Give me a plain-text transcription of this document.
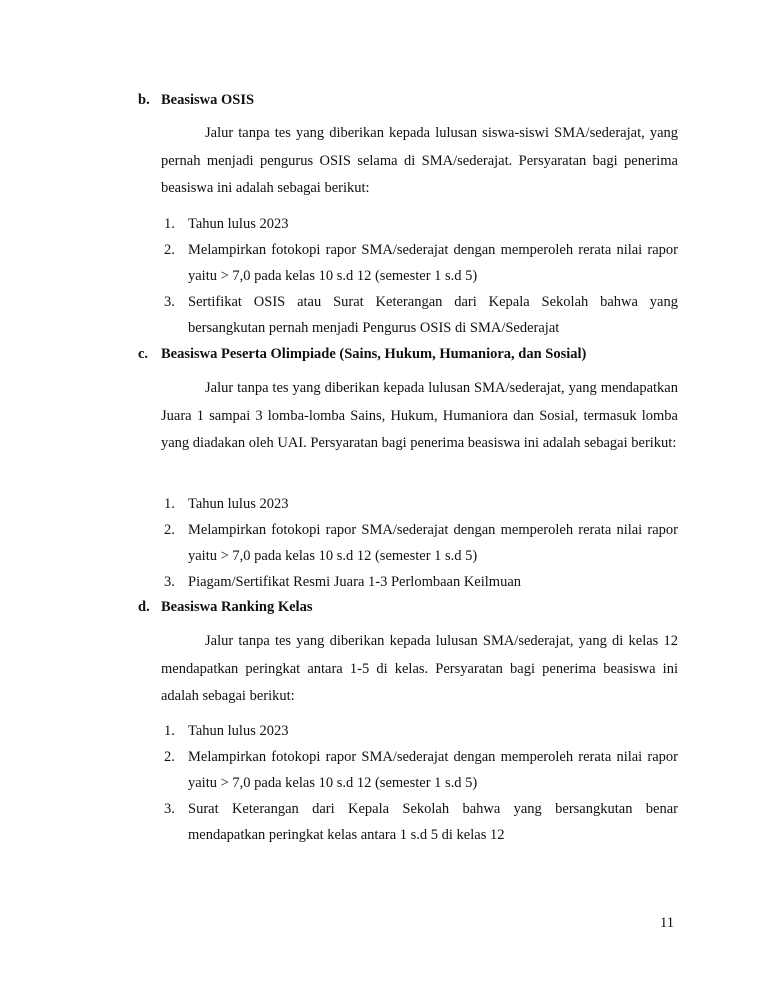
b. Beasiswa OSIS

Jalur tanpa tes yang diberikan kepada lulusan siswa-siswi SMA/sederajat, yang pernah menjadi pengurus OSIS selama di SMA/sederajat. Persyaratan bagi penerima beasiswa ini adalah sebagai berikut:

1. Tahun lulus 2023
2. Melampirkan fotokopi rapor SMA/sederajat dengan memperoleh rerata nilai rapor yaitu > 7,0 pada kelas 10 s.d 12 (semester 1 s.d 5)
3. Sertifikat OSIS atau Surat Keterangan dari Kepala Sekolah bahwa yang bersangkutan pernah menjadi Pengurus OSIS di SMA/Sederajat
c. Beasiswa Peserta Olimpiade (Sains, Hukum, Humaniora, dan Sosial)

Jalur tanpa tes yang diberikan kepada lulusan SMA/sederajat, yang mendapatkan Juara 1 sampai 3 lomba-lomba Sains, Hukum, Humaniora dan Sosial, termasuk lomba yang diadakan oleh UAI. Persyaratan bagi penerima beasiswa ini adalah sebagai berikut:

1. Tahun lulus 2023
2. Melampirkan fotokopi rapor SMA/sederajat dengan memperoleh rerata nilai rapor yaitu > 7,0 pada kelas 10 s.d 12 (semester 1 s.d 5)
3. Piagam/Sertifikat Resmi Juara 1-3 Perlombaan Keilmuan
d. Beasiswa Ranking Kelas

Jalur tanpa tes yang diberikan kepada lulusan SMA/sederajat, yang di kelas 12 mendapatkan peringkat antara 1-5 di kelas. Persyaratan bagi penerima beasiswa ini adalah sebagai berikut:

1. Tahun lulus 2023
2. Melampirkan fotokopi rapor SMA/sederajat dengan memperoleh rerata nilai rapor yaitu > 7,0 pada kelas 10 s.d 12 (semester 1 s.d 5)
3. Surat Keterangan dari Kepala Sekolah bahwa yang bersangkutan benar mendapatkan peringkat kelas antara 1 s.d 5 di kelas 12
11
